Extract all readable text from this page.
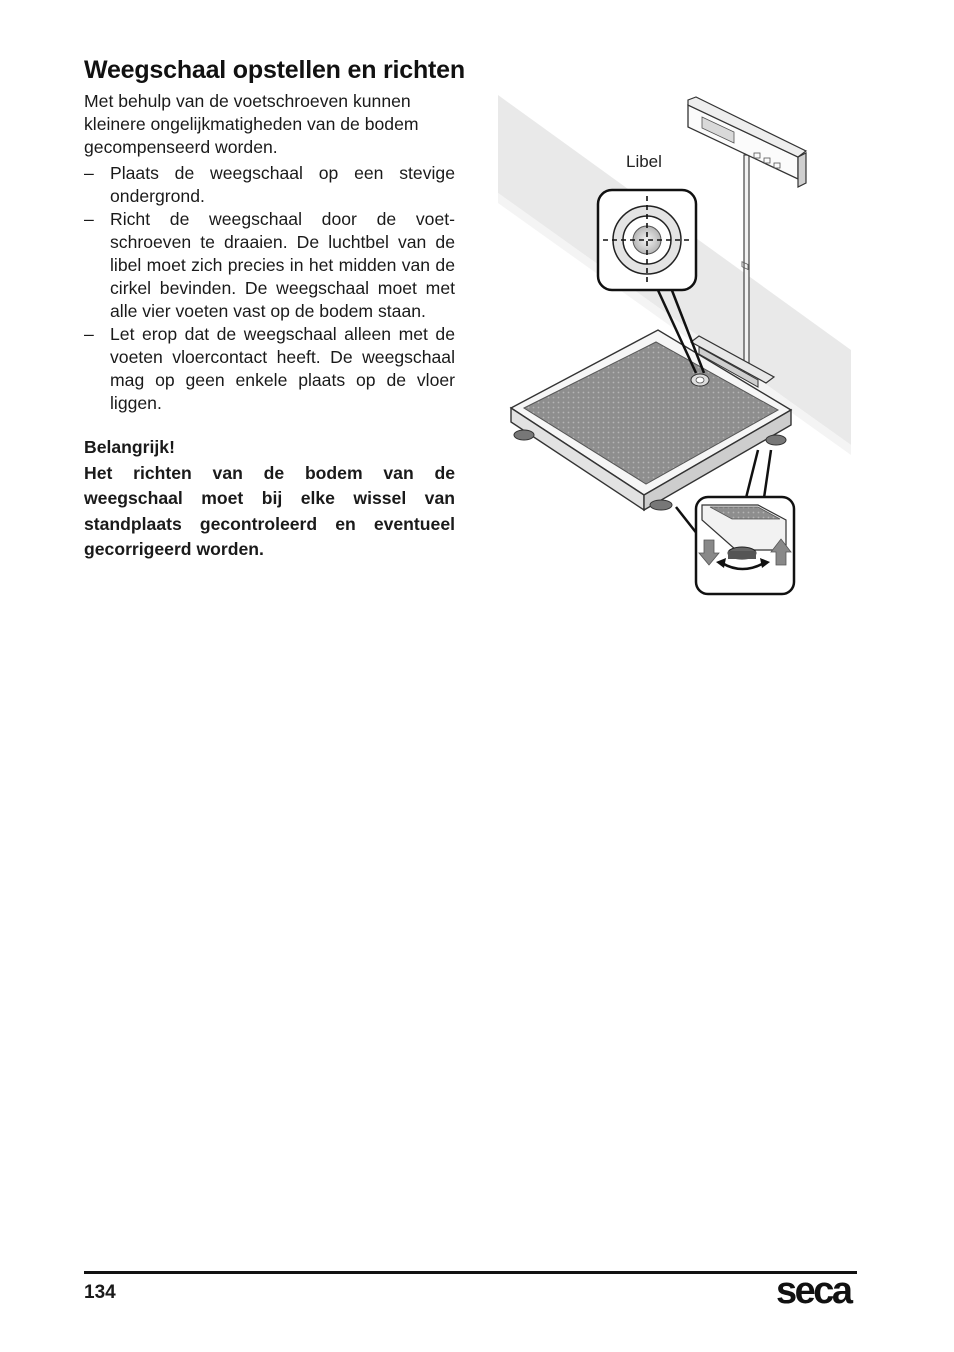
Weegschaal opstellen en richten

Met behulp van de voetschroeven kunnen kleinere ongelijkmatigheden van de bodem gecompenseerd worden.

– Plaats de weegschaal op een stevige ondergrond.
– Richt de weegschaal door de voetschroeven te draaien. De luchtbel van de libel moet zich precies in het midden van de cirkel bevinden. De weegschaal moet met alle vier voeten vast op de bodem staan.
– Let erop dat de weegschaal alleen met de voeten vloercontact heeft. De weegschaal mag op geen enkele plaats op de vloer liggen.
Belangrijk!
Het richten van de bodem van de weegschaal moet bij elke wissel van standplaats gecontroleerd en eventueel gecorrigeerd worden.
Libel
134	seca
